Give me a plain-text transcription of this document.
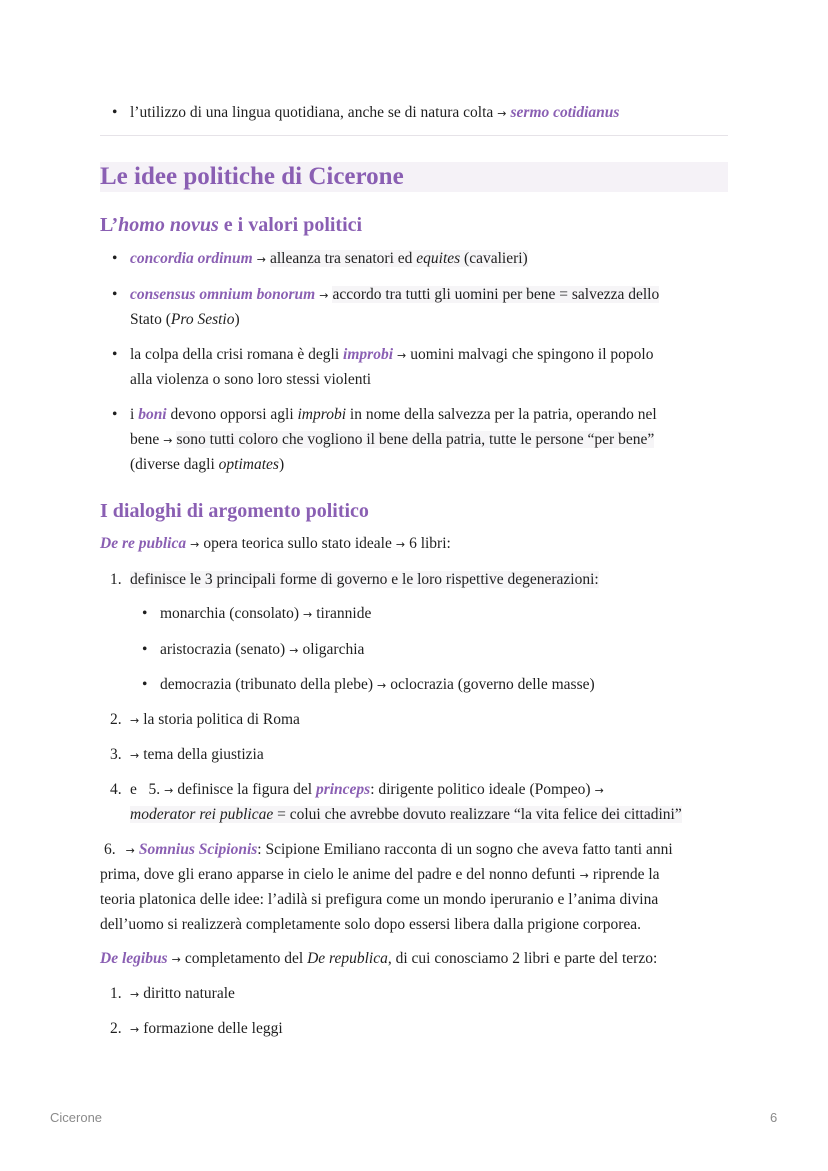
• l’utilizzo di una lingua quotidiana, anche se di natura colta → sermo cotidianus
Le idee politiche di Cicerone
L’homo novus e i valori politici
• concordia ordinum → alleanza tra senatori ed equites (cavalieri)
• consensus omnium bonorum → accordo tra tutti gli uomini per bene = salvezza dello
Stato (Pro Sestio)
• la colpa della crisi romana è degli improbi → uomini malvagi che spingono il popolo
alla violenza o sono loro stessi violenti
• i boni devono opporsi agli improbi in nome della salvezza per la patria, operando nel
bene → sono tutti coloro che vogliono il bene della patria, tutte le persone “per bene”
(diverse dagli optimates)
I dialoghi di argomento politico
De re publica → opera teorica sullo stato ideale → 6 libri:
1. definisce le 3 principali forme di governo e le loro rispettive degenerazioni:
• monarchia (consolato) → tirannide
• aristocrazia (senato) → oligarchia
• democrazia (tribunato della plebe) → oclocrazia (governo delle masse)
2. → la storia politica di Roma
3. → tema della giustizia
4. e   5. → definisce la figura del princeps: dirigente politico ideale (Pompeo) →
moderator rei publicae = colui che avrebbe dovuto realizzare “la vita felice dei cittadini”
6. → Somnius Scipionis: Scipione Emiliano racconta di un sogno che aveva fatto tanti anni
prima, dove gli erano apparse in cielo le anime del padre e del nonno defunti → riprende la
teoria platonica delle idee: l’adilà si prefigura come un mondo iperuranio e l’anima divina
dell’uomo si realizzerà completamente solo dopo essersi libera dalla prigione corporea.
De legibus → completamento del De republica, di cui conosciamo 2 libri e parte del terzo:
1. → diritto naturale
2. → formazione delle leggi
Cicerone	6
